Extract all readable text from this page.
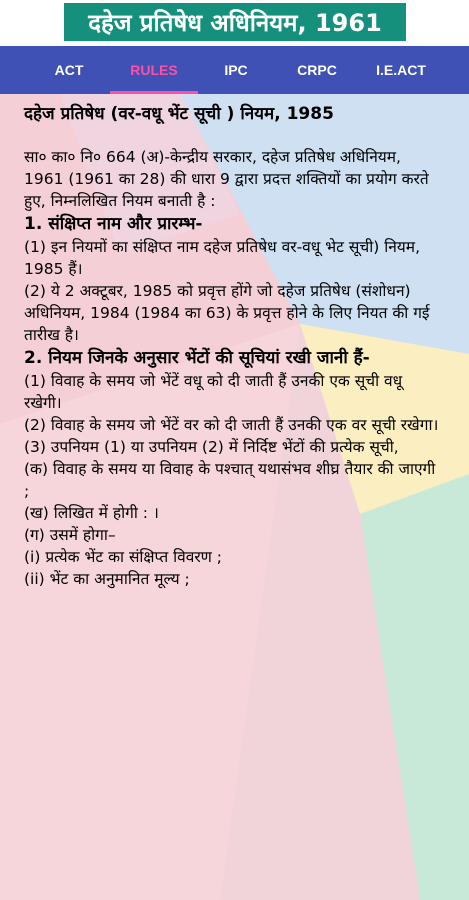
दहेज प्रतिषेध अधिनियम, 1961
ACT	RULES	IPC	CRPC	I.E.ACT

दहेज प्रतिषेध (वर-वधू भेंट सूची ) नियम, 1985

सा० का० नि० 664 (अ)-केन्द्रीय सरकार, दहेज प्रतिषेध अधिनियम, 1961 (1961 का 28) की धारा 9 द्वारा प्रदत्त शक्तियों का प्रयोग करते हुए, निम्नलिखित नियम बनाती है :

1. संक्षिप्त नाम और प्रारम्भ-

(1) इन नियमों का संक्षिप्त नाम दहेज प्रतिषेध वर-वधू भेट सूची) नियम, 1985 हैं।

(2) ये 2 अक्टूबर, 1985 को प्रवृत्त होंगे जो दहेज प्रतिषेध (संशोधन) अधिनियम, 1984 (1984 का 63) के प्रवृत्त होने के लिए नियत की गई तारीख है।

2. नियम जिनके अनुसार भेंटों की सूचियां रखी जानी हैं-

(1) विवाह के समय जो भेंटें वधू को दी जाती हैं उनकी एक सूची वधू रखेगी।

(2) विवाह के समय जो भेंटें वर को दी जाती हैं उनकी एक वर सूची रखेगा।

(3) उपनियम (1) या उपनियम (2) में निर्दिष्ट भेंटों की प्रत्येक सूची,

(क) विवाह के समय या विवाह के पश्चात् यथासंभव शीघ्र तैयार की जाएगी ;

(ख) लिखित में होगी : ।

(ग) उसमें होगा–

(i) प्रत्येक भेंट का संक्षिप्त विवरण ;

(ii) भेंट का अनुमानित मूल्य ;
